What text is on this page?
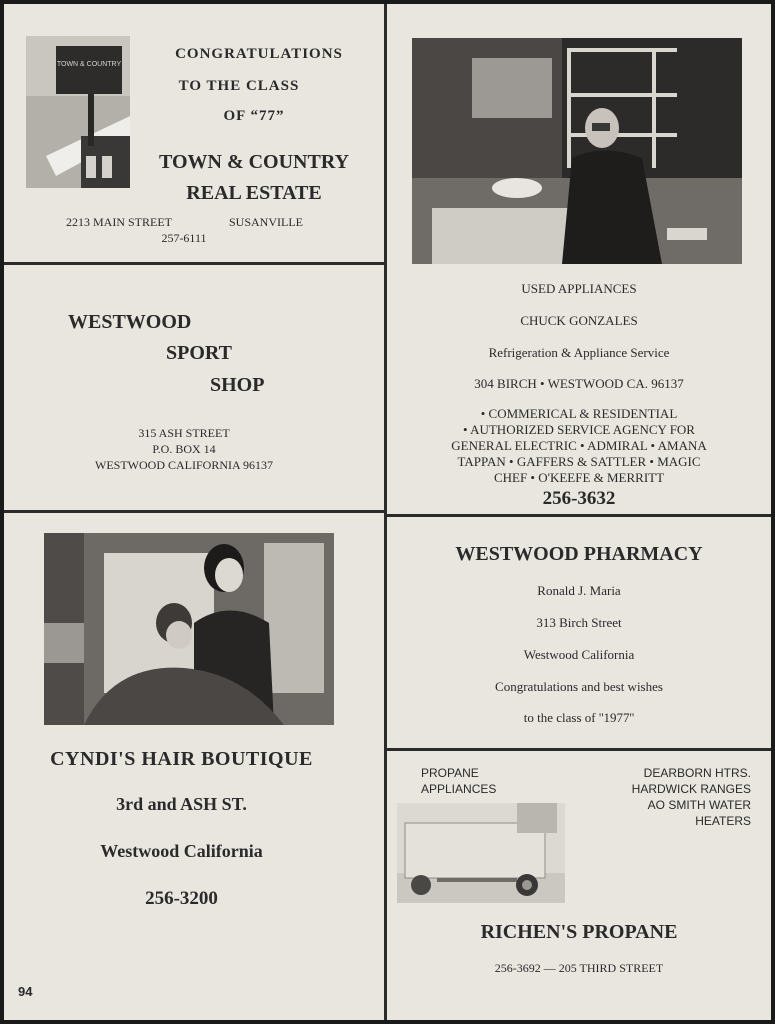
TOWN & COUNTRY
CONGRATULATIONS
TO THE CLASS
OF “77”
TOWN & COUNTRY
REAL ESTATE
2213 MAIN STREET	SUSANVILLE
257-6111
USED APPLIANCES
CHUCK GONZALES
Refrigeration & Appliance Service
304 BIRCH • WESTWOOD CA. 96137
• COMMERICAL & RESIDENTIAL
• AUTHORIZED SERVICE AGENCY FOR
GENERAL ELECTRIC • ADMIRAL • AMANA
TAPPAN • GAFFERS & SATTLER • MAGIC
CHEF • O'KEEFE & MERRITT
256-3632
WESTWOOD
SPORT
SHOP
315 ASH STREET
P.O. BOX 14
WESTWOOD CALIFORNIA 96137
CYNDI'S HAIR BOUTIQUE
3rd and ASH ST.
Westwood California
256-3200
WESTWOOD PHARMACY
Ronald J. Maria
313 Birch Street
Westwood California
Congratulations and best wishes
to the class of ''1977''
PROPANE
APPLIANCES
DEARBORN HTRS.
HARDWICK RANGES
AO SMITH WATER
HEATERS
RICHEN'S PROPANE
256-3692 — 205 THIRD STREET
94
